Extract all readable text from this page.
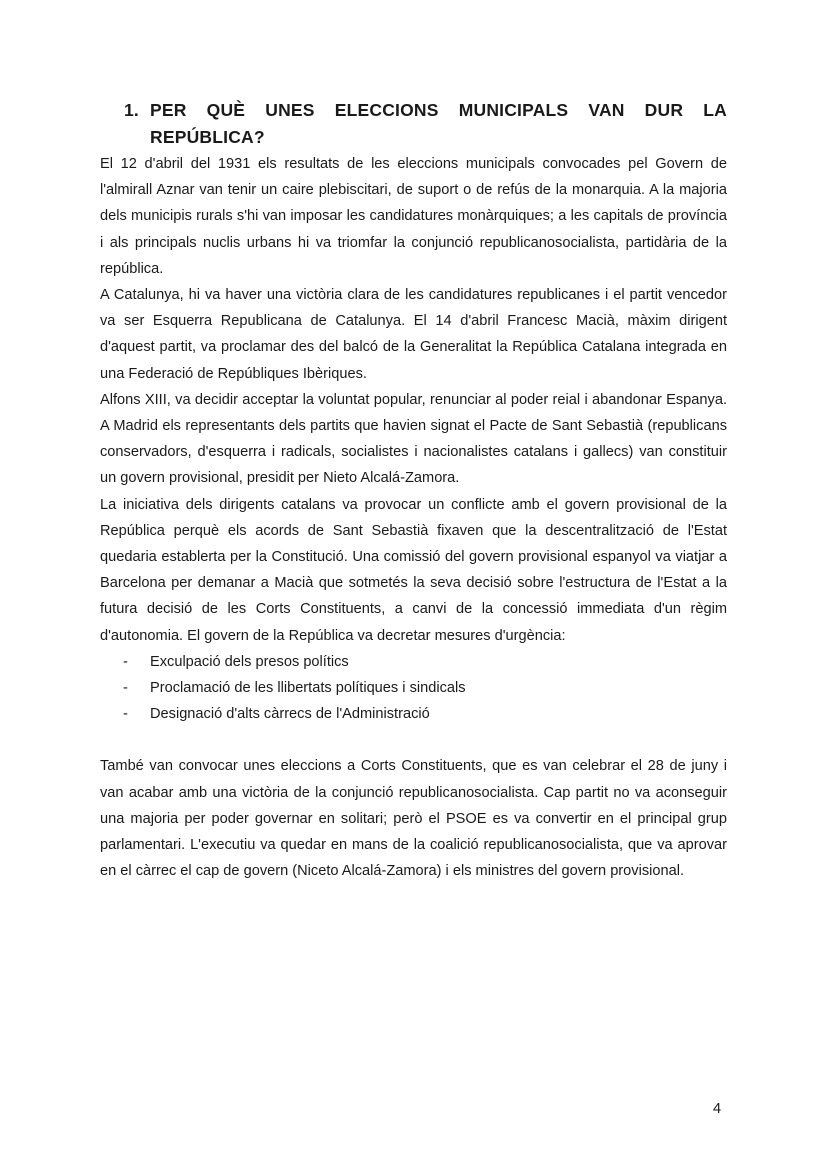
1. PER QUÈ UNES ELECCIONS MUNICIPALS VAN DUR LA REPÚBLICA?

El 12 d'abril del 1931 els resultats de les eleccions municipals convocades pel Govern de l'almirall Aznar van tenir un caire plebiscitari, de suport o de refús de la monarquia. A la majoria dels municipis rurals s'hi van imposar les candidatures monàrquiques; a les capitals de província i als principals nuclis urbans hi va triomfar la conjunció republicanosocialista, partidària de la república.

A Catalunya, hi va haver una victòria clara de les candidatures republicanes i el partit vencedor va ser Esquerra Republicana de Catalunya. El 14 d'abril Francesc Macià, màxim dirigent d'aquest partit, va proclamar des del balcó de la Generalitat la República Catalana integrada en una Federació de Repúbliques Ibèriques.

Alfons XIII, va decidir acceptar la voluntat popular, renunciar al poder reial i abandonar Espanya. A Madrid els representants dels partits que havien signat el Pacte de Sant Sebastià (republicans conservadors, d'esquerra i radicals, socialistes i nacionalistes catalans i gallecs) van constituir un govern provisional, presidit per Nieto Alcalá-Zamora.

La iniciativa dels dirigents catalans va provocar un conflicte amb el govern provisional de la República perquè els acords de Sant Sebastià fixaven que la descentralització de l'Estat quedaria establerta per la Constitució. Una comissió del govern provisional espanyol va viatjar a Barcelona per demanar a Macià que sotmetés la seva decisió sobre l'estructura de l'Estat a la futura decisió de les Corts Constituents, a canvi de la concessió immediata d'un règim d'autonomia. El govern de la República va decretar mesures d'urgència:

-	Exculpació dels presos polítics
-	Proclamació de les llibertats polítiques i sindicals
-	Designació d'alts càrrecs de l'Administració

També van convocar unes eleccions a Corts Constituents, que es van celebrar el 28 de juny i van acabar amb una victòria de la conjunció republicanosocialista. Cap partit no va aconseguir una majoria per poder governar en solitari; però el PSOE es va convertir en el principal grup parlamentari. L'executiu va quedar en mans de la coalició republicanosocialista, que va aprovar en el càrrec el cap de govern (Niceto Alcalá-Zamora) i els ministres del govern provisional.

4
